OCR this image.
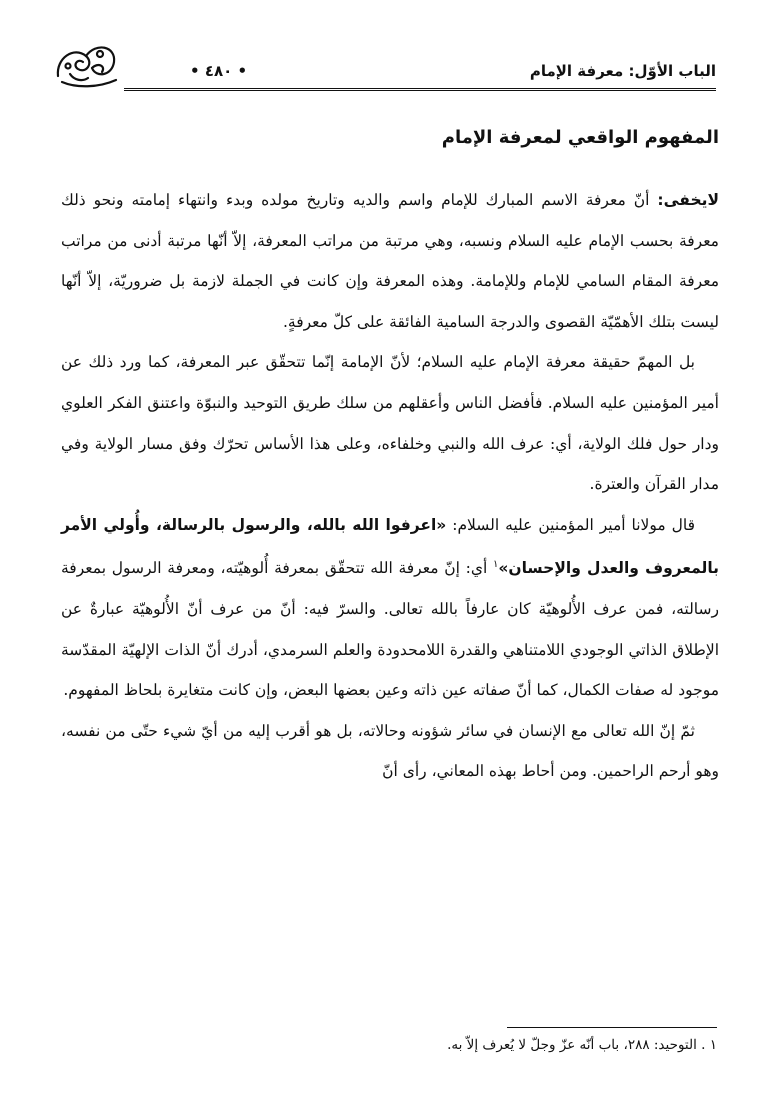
الباب الأوّل: معرفة الإمام
• ٤٨٠ •
المفهوم الواقعي لمعرفة الإمام

لايخفى: أنّ معرفة الاسم المبارك للإمام واسم والديه وتاريخ مولده وبدء وانتهاء إمامته ونحو ذلك معرفة بحسب الإمام عليه السلام ونسبه، وهي مرتبة من مراتب المعرفة، إلاّ أنّها مرتبة أدنى من مراتب معرفة المقام السامي للإمام وللإمامة. وهذه المعرفة وإن كانت في الجملة لازمة بل ضروريّة، إلاّ أنّها ليست بتلك الأهمّيّة القصوى والدرجة السامية الفائقة على كلّ معرفةٍ.

بل المهمّ حقيقة معرفة الإمام عليه السلام؛ لأنّ الإمامة إنّما تتحقّق عبر المعرفة، كما ورد ذلك عن أمير المؤمنين عليه السلام. فأفضل الناس وأعقلهم من سلك طريق التوحيد والنبوّة واعتنق الفكر العلوي ودار حول فلك الولاية، أي: عرف الله والنبي وخلفاءه، وعلى هذا الأساس تحرّك وفق مسار الولاية وفي مدار القرآن والعترة.

قال مولانا أمير المؤمنين عليه السلام: «اعرفوا الله بالله، والرسول بالرسالة، وأُولي الأمر بالمعروف والعدل والإحسان»$^١$ أي: إنّ معرفة الله تتحقّق بمعرفة أُلوهيّته، ومعرفة الرسول بمعرفة رسالته، فمن عرف الأُلوهيّة كان عارفاً بالله تعالى. والسرّ فيه: أنّ من عرف أنّ الأُلوهيّة عبارةٌ عن الإطلاق الذاتي الوجودي اللامتناهي والقدرة اللامحدودة والعلم السرمدي، أدرك أنّ الذات الإلهيّة المقدّسة موجود له صفات الكمال، كما أنّ صفاته عين ذاته وعين بعضها البعض، وإن كانت متغايرة بلحاظ المفهوم.

ثمّ إنّ الله تعالى مع الإنسان في سائر شؤونه وحالاته، بل هو أقرب إليه من أيّ شيء حتّى من نفسه، وهو أرحم الراحمين. ومن أحاط بهذه المعاني، رأى أنّ

١ . التوحيد: ٢٨٨، باب أنّه عزّ وجلّ لا يُعرف إلاّ به.
